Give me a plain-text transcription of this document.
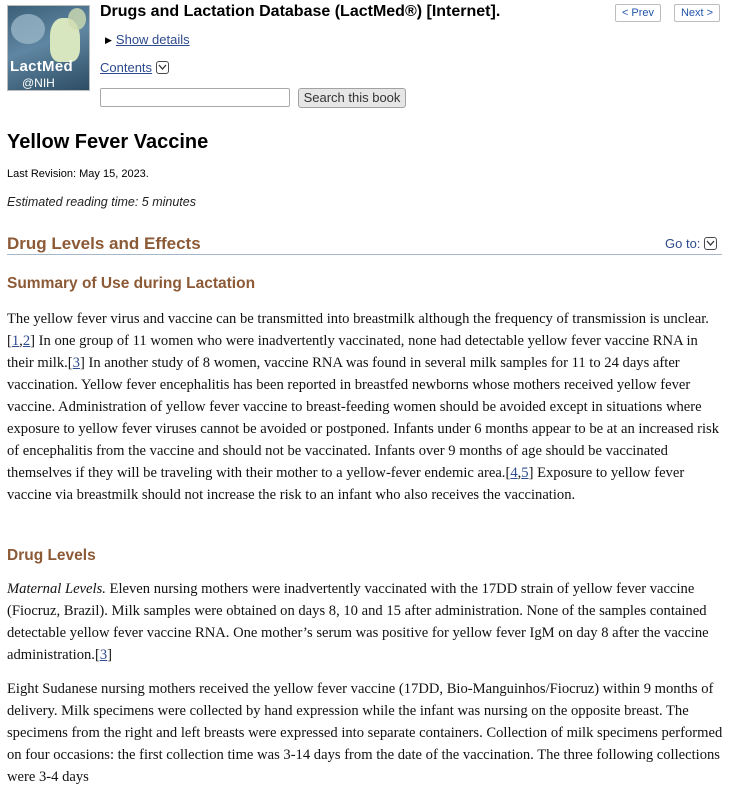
LactMed
@NIH
Drugs and Lactation Database (LactMed®) [Internet].	< Prev	Next >
▶ Show details
Contents
Search this book
Yellow Fever Vaccine
Last Revision: May 15, 2023.
Estimated reading time: 5 minutes
Drug Levels and Effects	Go to:
Summary of Use during Lactation

The yellow fever virus and vaccine can be transmitted into breastmilk although the frequency of transmission is unclear.[1,2] In one group of 11 women who were inadvertently vaccinated, none had detectable yellow fever vaccine RNA in their milk.[3] In another study of 8 women, vaccine RNA was found in several milk samples for 11 to 24 days after vaccination. Yellow fever encephalitis has been reported in breastfed newborns whose mothers received yellow fever vaccine. Administration of yellow fever vaccine to breast-feeding women should be avoided except in situations where exposure to yellow fever viruses cannot be avoided or postponed. Infants under 6 months appear to be at an increased risk of encephalitis from the vaccine and should not be vaccinated. Infants over 9 months of age should be vaccinated themselves if they will be traveling with their mother to a yellow-fever endemic area.[4,5] Exposure to yellow fever vaccine via breastmilk should not increase the risk to an infant who also receives the vaccination.

Drug Levels

Maternal Levels. Eleven nursing mothers were inadvertently vaccinated with the 17DD strain of yellow fever vaccine (Fiocruz, Brazil). Milk samples were obtained on days 8, 10 and 15 after administration. None of the samples contained detectable yellow fever vaccine RNA. One mother’s serum was positive for yellow fever IgM on day 8 after the vaccine administration.[3]

Eight Sudanese nursing mothers received the yellow fever vaccine (17DD, Bio-Manguinhos/Fiocruz) within 9 months of delivery. Milk specimens were collected by hand expression while the infant was nursing on the opposite breast. The specimens from the right and left breasts were expressed into separate containers. Collection of milk specimens performed on four occasions: the first collection time was 3-14 days from the date of the vaccination. The three following collections were 3-4 days
